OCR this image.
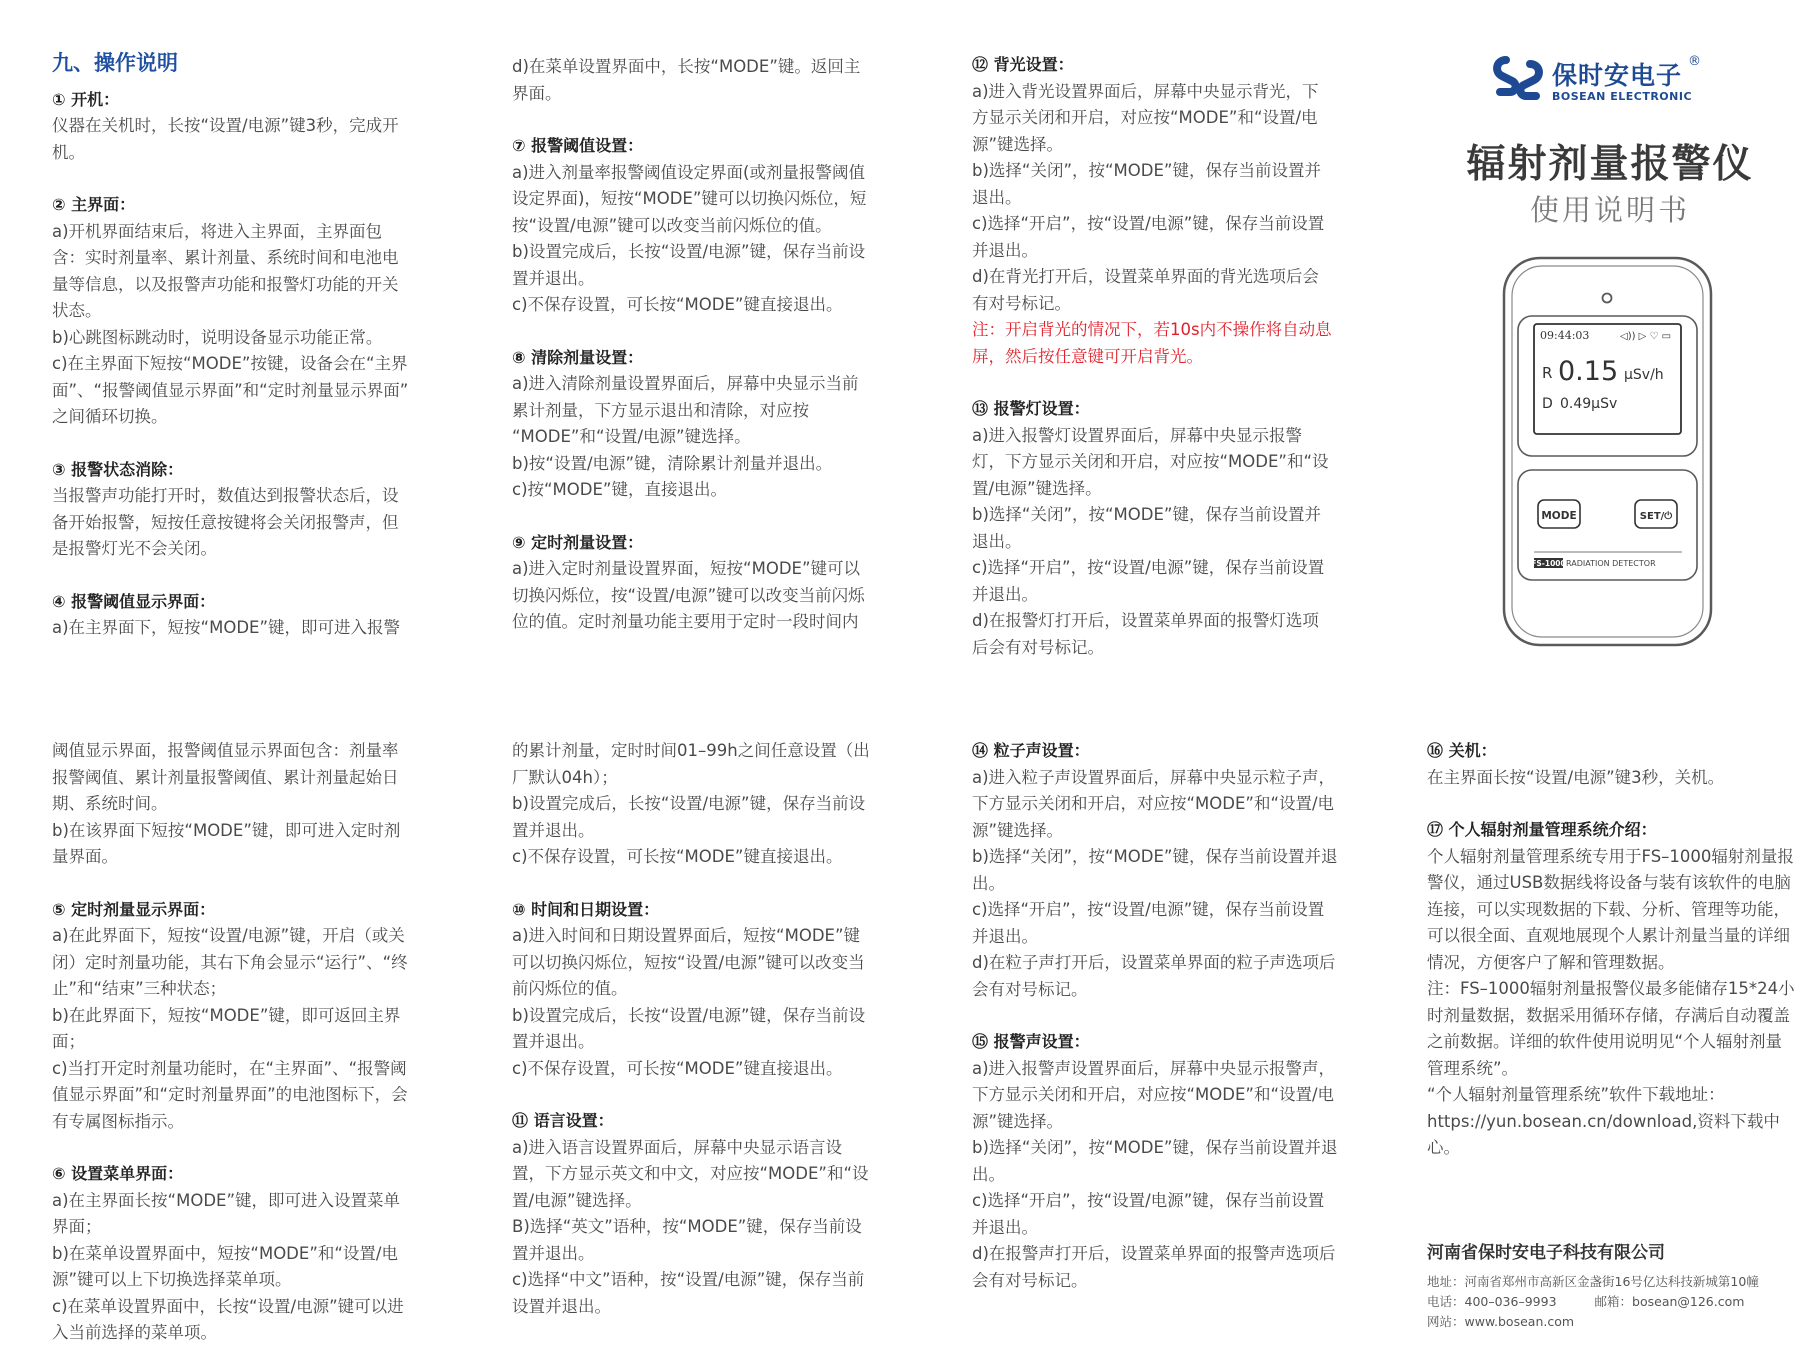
九、操作说明

① 开机：

仪器在关机时，长按“设置/电源”键3秒，完成开

机。

② 主界面：

a)开机界面结束后，将进入主界面，主界面包

含：实时剂量率、累计剂量、系统时间和电池电

量等信息，以及报警声功能和报警灯功能的开关

状态。

b)心跳图标跳动时，说明设备显示功能正常。

c)在主界面下短按“MODE”按键，设备会在“主界

面”、“报警阈值显示界面”和“定时剂量显示界面”

之间循环切换。

③ 报警状态消除：

当报警声功能打开时，数值达到报警状态后，设

备开始报警，短按任意按键将会关闭报警声，但

是报警灯光不会关闭。

④ 报警阈值显示界面：

a)在主界面下，短按“MODE”键，即可进入报警

d)在菜单设置界面中，长按“MODE”键。返回主

界面。

⑦ 报警阈值设置：

a)进入剂量率报警阈值设定界面(或剂量报警阈值

设定界面)，短按“MODE”键可以切换闪烁位，短

按“设置/电源”键可以改变当前闪烁位的值。

b)设置完成后，长按“设置/电源”键，保存当前设

置并退出。

c)不保存设置，可长按“MODE”键直接退出。

⑧ 清除剂量设置：

a)进入清除剂量设置界面后，屏幕中央显示当前

累计剂量，下方显示退出和清除，对应按

“MODE”和“设置/电源”键选择。

b)按“设置/电源”键，清除累计剂量并退出。

c)按“MODE”键，直接退出。

⑨ 定时剂量设置：

a)进入定时剂量设置界面，短按“MODE”键可以

切换闪烁位，按“设置/电源”键可以改变当前闪烁

位的值。定时剂量功能主要用于定时一段时间内

⑫ 背光设置：

a)进入背光设置界面后，屏幕中央显示背光，下

方显示关闭和开启，对应按“MODE”和“设置/电

源”键选择。

b)选择“关闭”，按“MODE”键，保存当前设置并

退出。

c)选择“开启”，按“设置/电源”键，保存当前设置

并退出。

d)在背光打开后，设置菜单界面的背光选项后会

有对号标记。

注：开启背光的情况下，若10s内不操作将自动息

屏，然后按任意键可开启背光。

⑬ 报警灯设置：

a)进入报警灯设置界面后，屏幕中央显示报警

灯，下方显示关闭和开启，对应按“MODE”和“设

置/电源”键选择。

b)选择“关闭”，按“MODE”键，保存当前设置并

退出。

c)选择“开启”，按“设置/电源”键，保存当前设置

并退出。

d)在报警灯打开后，设置菜单界面的报警灯选项

后会有对号标记。

保时安电子 ®
BOSEAN ELECTRONIC
辐射剂量报警仪
使用说明书
09:44:03	◁)) ▷ ♡ ▭
R 0.15 μSv/h
D 0.49μSv
MODE	SET/⏻
FS-1000 RADIATION DETECTOR

阈值显示界面，报警阈值显示界面包含：剂量率

报警阈值、累计剂量报警阈值、累计剂量起始日

期、系统时间。

b)在该界面下短按“MODE”键，即可进入定时剂

量界面。

⑤ 定时剂量显示界面：

a)在此界面下，短按“设置/电源”键，开启（或关

闭）定时剂量功能，其右下角会显示“运行”、“终

止”和“结束”三种状态；

b)在此界面下，短按“MODE”键，即可返回主界

面；

c)当打开定时剂量功能时，在“主界面”、“报警阈

值显示界面”和“定时剂量界面”的电池图标下，会

有专属图标指示。

⑥ 设置菜单界面：

a)在主界面长按“MODE”键，即可进入设置菜单

界面；

b)在菜单设置界面中，短按“MODE”和“设置/电

源”键可以上下切换选择菜单项。

c)在菜单设置界面中，长按“设置/电源”键可以进

入当前选择的菜单项。

的累计剂量，定时时间01–99h之间任意设置（出

厂默认04h）；

b)设置完成后，长按“设置/电源”键，保存当前设

置并退出。

c)不保存设置，可长按“MODE”键直接退出。

⑩ 时间和日期设置：

a)进入时间和日期设置界面后，短按“MODE”键

可以切换闪烁位，短按“设置/电源”键可以改变当

前闪烁位的值。

b)设置完成后，长按“设置/电源”键，保存当前设

置并退出。

c)不保存设置，可长按“MODE”键直接退出。

⑪ 语言设置：

a)进入语言设置界面后，屏幕中央显示语言设

置，下方显示英文和中文，对应按“MODE”和“设

置/电源”键选择。

B)选择“英文”语种，按“MODE”键，保存当前设

置并退出。

c)选择“中文”语种，按“设置/电源”键，保存当前

设置并退出。

⑭ 粒子声设置：

a)进入粒子声设置界面后，屏幕中央显示粒子声，

下方显示关闭和开启，对应按“MODE”和“设置/电

源”键选择。

b)选择“关闭”，按“MODE”键，保存当前设置并退

出。

c)选择“开启”，按“设置/电源”键，保存当前设置

并退出。

d)在粒子声打开后，设置菜单界面的粒子声选项后

会有对号标记。

⑮ 报警声设置：

a)进入报警声设置界面后，屏幕中央显示报警声，

下方显示关闭和开启，对应按“MODE”和“设置/电

源”键选择。

b)选择“关闭”，按“MODE”键，保存当前设置并退

出。

c)选择“开启”，按“设置/电源”键，保存当前设置

并退出。

d)在报警声打开后，设置菜单界面的报警声选项后

会有对号标记。

⑯ 关机：

在主界面长按“设置/电源”键3秒，关机。

⑰ 个人辐射剂量管理系统介绍：

个人辐射剂量管理系统专用于FS–1000辐射剂量报

警仪，通过USB数据线将设备与装有该软件的电脑

连接，可以实现数据的下载、分析、管理等功能，

可以很全面、直观地展现个人累计剂量当量的详细

情况，方便客户了解和管理数据。

注：FS–1000辐射剂量报警仪最多能储存15*24小

时剂量数据，数据采用循环存储，存满后自动覆盖

之前数据。详细的软件使用说明见“个人辐射剂量

管理系统”。

“个人辐射剂量管理系统”软件下载地址：

https://yun.bosean.cn/download,资料下载中

心。

河南省保时安电子科技有限公司
地址：河南省郑州市高新区金盏街16号亿达科技新城第10幢
电话：400–036–9993	邮箱：bosean@126.com
网站：www.bosean.com
